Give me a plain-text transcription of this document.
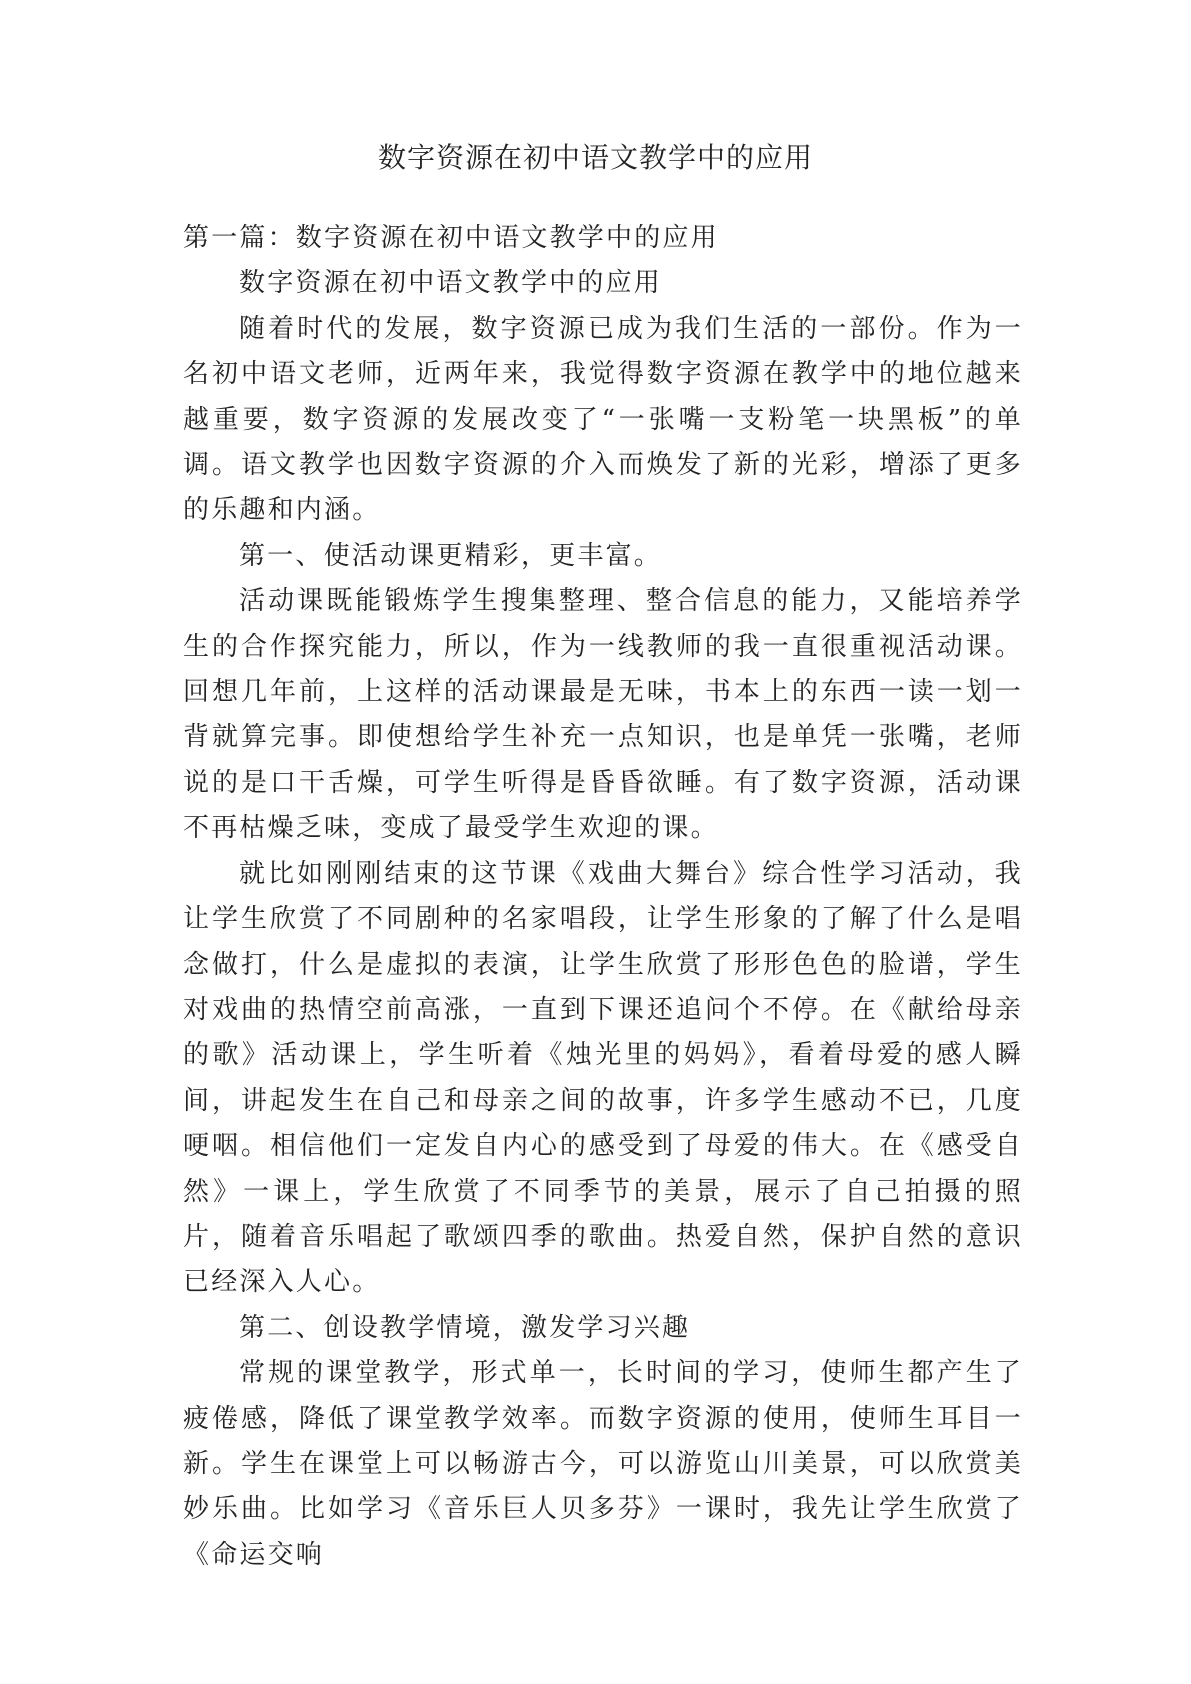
数字资源在初中语文教学中的应用

第一篇：数字资源在初中语文教学中的应用

数字资源在初中语文教学中的应用

随着时代的发展，数字资源已成为我们生活的一部份。作为一名初中语文老师，近两年来，我觉得数字资源在教学中的地位越来越重要，数字资源的发展改变了“一张嘴一支粉笔一块黑板”的单调。语文教学也因数字资源的介入而焕发了新的光彩，增添了更多的乐趣和内涵。

第一、使活动课更精彩，更丰富。

活动课既能锻炼学生搜集整理、整合信息的能力，又能培养学生的合作探究能力，所以，作为一线教师的我一直很重视活动课。回想几年前，上这样的活动课最是无味，书本上的东西一读一划一背就算完事。即使想给学生补充一点知识，也是单凭一张嘴，老师说的是口干舌燥，可学生听得是昏昏欲睡。有了数字资源，活动课不再枯燥乏味，变成了最受学生欢迎的课。

就比如刚刚结束的这节课《戏曲大舞台》综合性学习活动，我让学生欣赏了不同剧种的名家唱段，让学生形象的了解了什么是唱念做打，什么是虚拟的表演，让学生欣赏了形形色色的脸谱，学生对戏曲的热情空前高涨，一直到下课还追问个不停。在《献给母亲的歌》活动课上，学生听着《烛光里的妈妈》，看着母爱的感人瞬间，讲起发生在自己和母亲之间的故事，许多学生感动不已，几度哽咽。相信他们一定发自内心的感受到了母爱的伟大。在《感受自然》一课上，学生欣赏了不同季节的美景，展示了自己拍摄的照片，随着音乐唱起了歌颂四季的歌曲。热爱自然，保护自然的意识已经深入人心。

第二、创设教学情境，激发学习兴趣

常规的课堂教学，形式单一，长时间的学习，使师生都产生了疲倦感，降低了课堂教学效率。而数字资源的使用，使师生耳目一新。学生在课堂上可以畅游古今，可以游览山川美景，可以欣赏美妙乐曲。比如学习《音乐巨人贝多芬》一课时，我先让学生欣赏了《命运交响
